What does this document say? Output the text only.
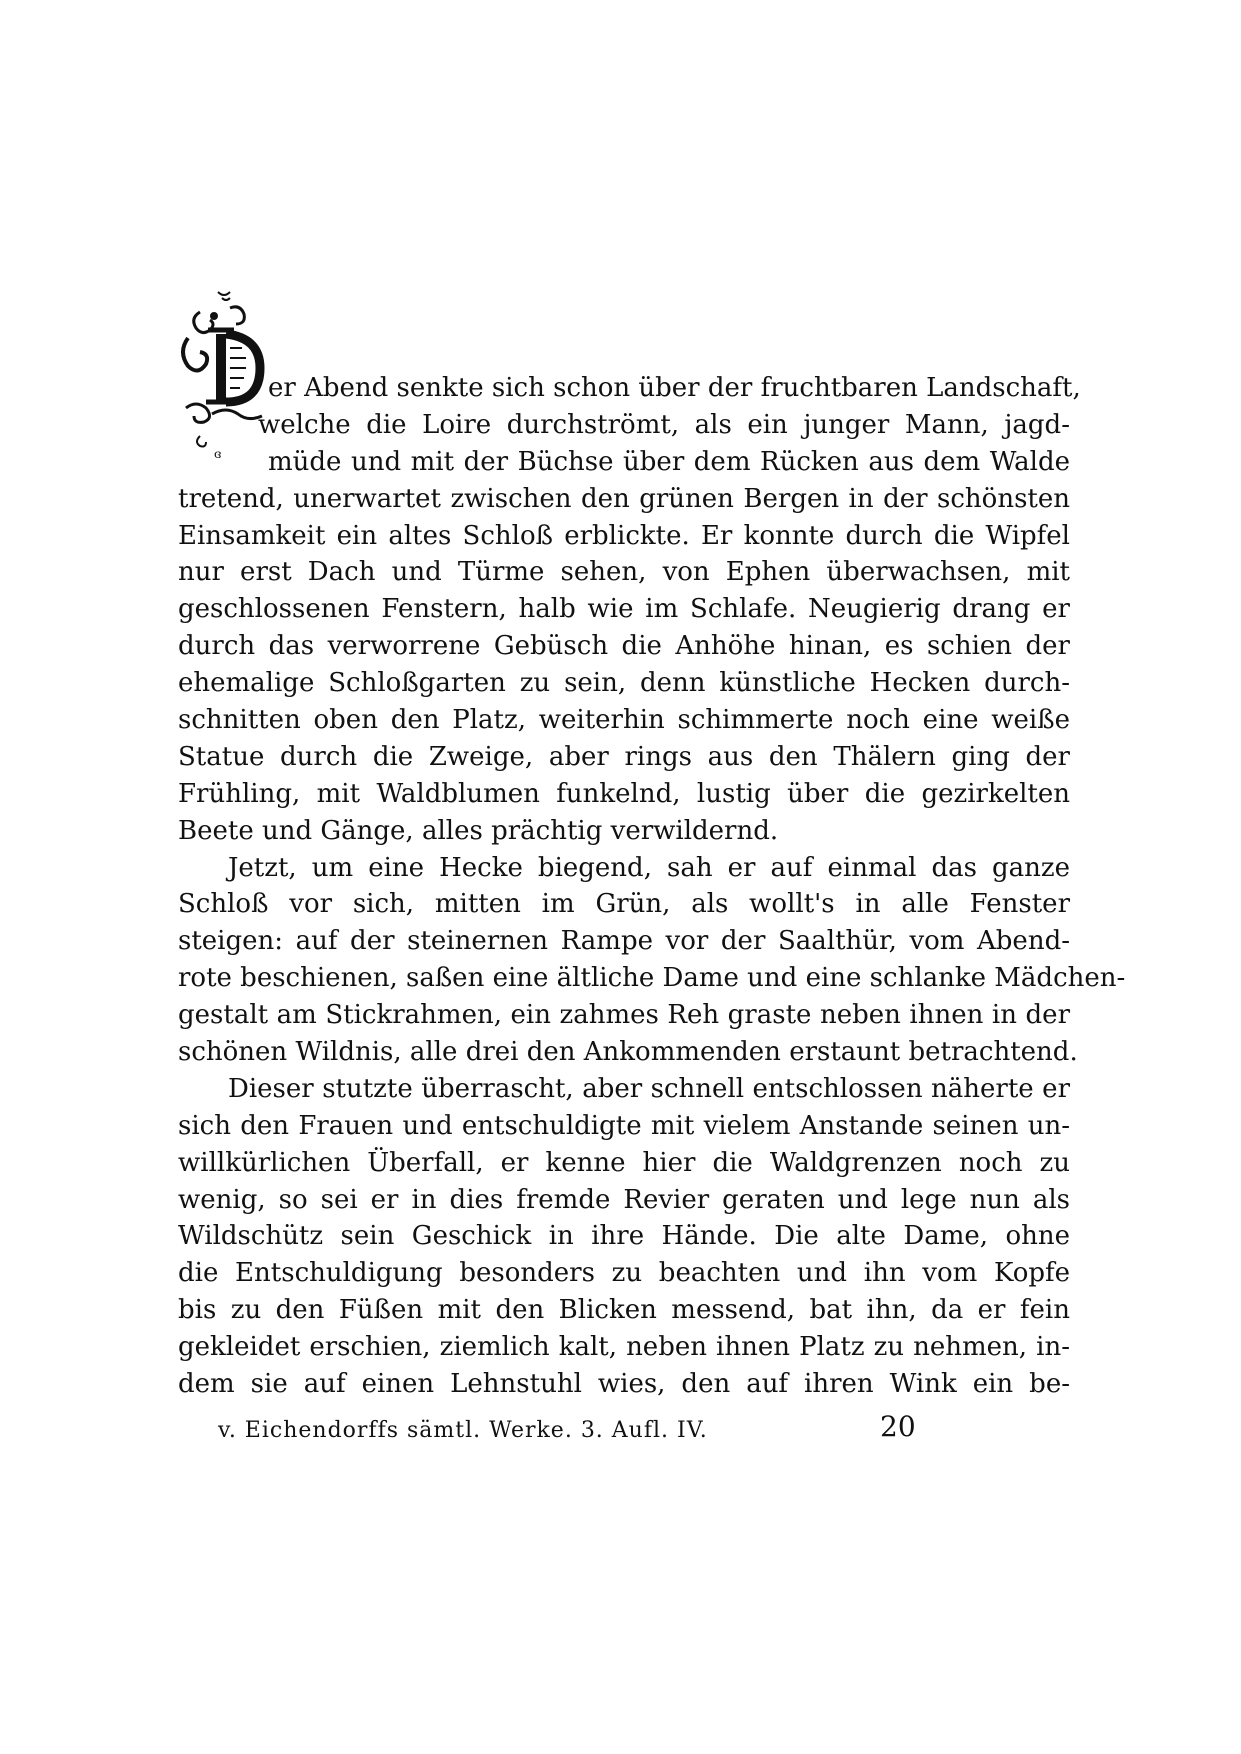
ɞ
er Abend senkte sich schon über der fruchtbaren Landschaft,
welche die Loire durchströmt, als ein junger Mann, jagd-
müde und mit der Büchse über dem Rücken aus dem Walde
tretend, unerwartet zwischen den grünen Bergen in der schönsten
Einsamkeit ein altes Schloß erblickte. Er konnte durch die Wipfel
nur erst Dach und Türme sehen, von Ephen überwachsen, mit
geschlossenen Fenstern, halb wie im Schlafe. Neugierig drang er
durch das verworrene Gebüsch die Anhöhe hinan, es schien der
ehemalige Schloßgarten zu sein, denn künstliche Hecken durch-
schnitten oben den Platz, weiterhin schimmerte noch eine weiße
Statue durch die Zweige, aber rings aus den Thälern ging der
Frühling, mit Waldblumen funkelnd, lustig über die gezirkelten
Beete und Gänge, alles prächtig verwildernd.
Jetzt, um eine Hecke biegend, sah er auf einmal das ganze
Schloß vor sich, mitten im Grün, als wollt's in alle Fenster
steigen: auf der steinernen Rampe vor der Saalthür, vom Abend-
rote beschienen, saßen eine ältliche Dame und eine schlanke Mädchen-
gestalt am Stickrahmen, ein zahmes Reh graste neben ihnen in der
schönen Wildnis, alle drei den Ankommenden erstaunt betrachtend.
Dieser stutzte überrascht, aber schnell entschlossen näherte er
sich den Frauen und entschuldigte mit vielem Anstande seinen un-
willkürlichen Überfall, er kenne hier die Waldgrenzen noch zu
wenig, so sei er in dies fremde Revier geraten und lege nun als
Wildschütz sein Geschick in ihre Hände. Die alte Dame, ohne
die Entschuldigung besonders zu beachten und ihn vom Kopfe
bis zu den Füßen mit den Blicken messend, bat ihn, da er fein
gekleidet erschien, ziemlich kalt, neben ihnen Platz zu nehmen, in-
dem sie auf einen Lehnstuhl wies, den auf ihren Wink ein be-
v. Eichendorffs sämtl. Werke. 3. Aufl. IV.	20
